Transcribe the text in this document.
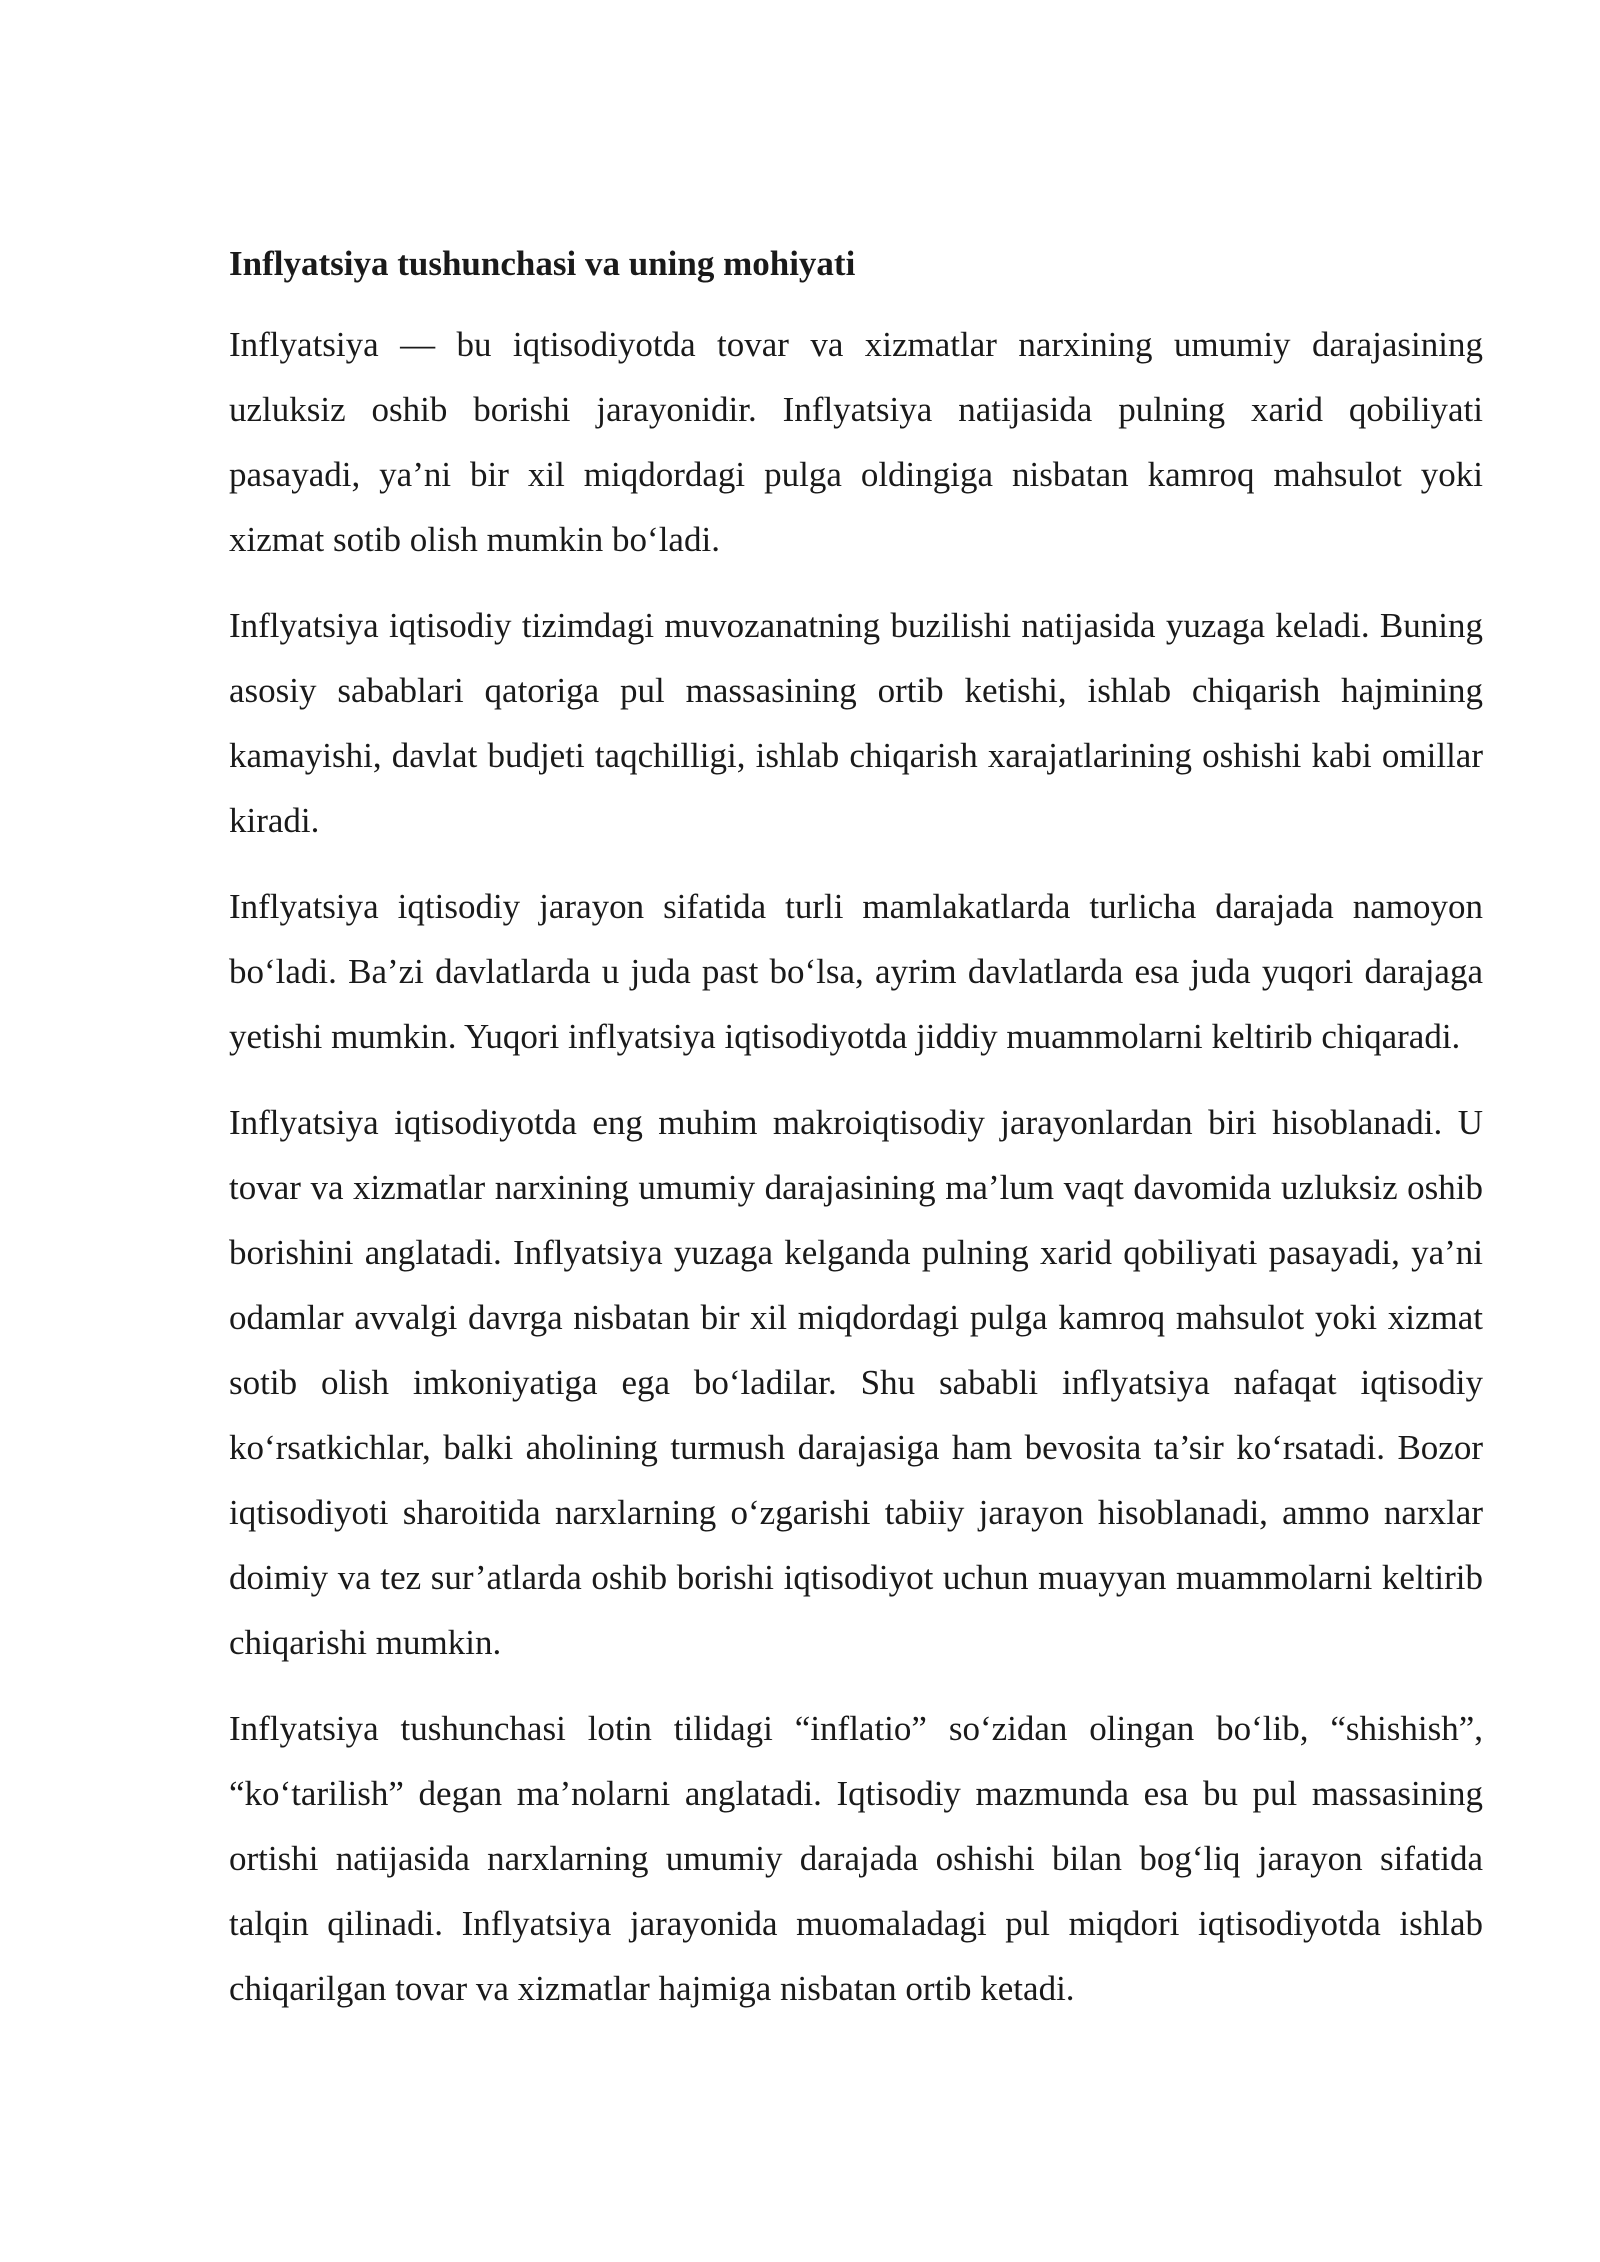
Inflyatsiya tushunchasi va uning mohiyati

Inflyatsiya — bu iqtisodiyotda tovar va xizmatlar narxining umumiy darajasining uzluksiz oshib borishi jarayonidir. Inflyatsiya natijasida pulning xarid qobiliyati pasayadi, ya’ni bir xil miqdordagi pulga oldingiga nisbatan kamroq mahsulot yoki xizmat sotib olish mumkin bo‘ladi.

Inflyatsiya iqtisodiy tizimdagi muvozanatning buzilishi natijasida yuzaga keladi. Buning asosiy sabablari qatoriga pul massasining ortib ketishi, ishlab chiqarish hajmining kamayishi, davlat budjeti taqchilligi, ishlab chiqarish xarajatlarining oshishi kabi omillar kiradi.

Inflyatsiya iqtisodiy jarayon sifatida turli mamlakatlarda turlicha darajada namoyon bo‘ladi. Ba’zi davlatlarda u juda past bo‘lsa, ayrim davlatlarda esa juda yuqori darajaga yetishi mumkin. Yuqori inflyatsiya iqtisodiyotda jiddiy muammolarni keltirib chiqaradi.

Inflyatsiya iqtisodiyotda eng muhim makroiqtisodiy jarayonlardan biri hisoblanadi. U tovar va xizmatlar narxining umumiy darajasining ma’lum vaqt davomida uzluksiz oshib borishini anglatadi. Inflyatsiya yuzaga kelganda pulning xarid qobiliyati pasayadi, ya’ni odamlar avvalgi davrga nisbatan bir xil miqdordagi pulga kamroq mahsulot yoki xizmat sotib olish imkoniyatiga ega bo‘ladilar. Shu sababli inflyatsiya nafaqat iqtisodiy ko‘rsatkichlar, balki aholining turmush darajasiga ham bevosita ta’sir ko‘rsatadi. Bozor iqtisodiyoti sharoitida narxlarning o‘zgarishi tabiiy jarayon hisoblanadi, ammo narxlar doimiy va tez sur’atlarda oshib borishi iqtisodiyot uchun muayyan muammolarni keltirib chiqarishi mumkin.

Inflyatsiya tushunchasi lotin tilidagi “inflatio” so‘zidan olingan bo‘lib, “shishish”, “ko‘tarilish” degan ma’nolarni anglatadi. Iqtisodiy mazmunda esa bu pul massasining ortishi natijasida narxlarning umumiy darajada oshishi bilan bog‘liq jarayon sifatida talqin qilinadi. Inflyatsiya jarayonida muomaladagi pul miqdori iqtisodiyotda ishlab chiqarilgan tovar va xizmatlar hajmiga nisbatan ortib ketadi.
